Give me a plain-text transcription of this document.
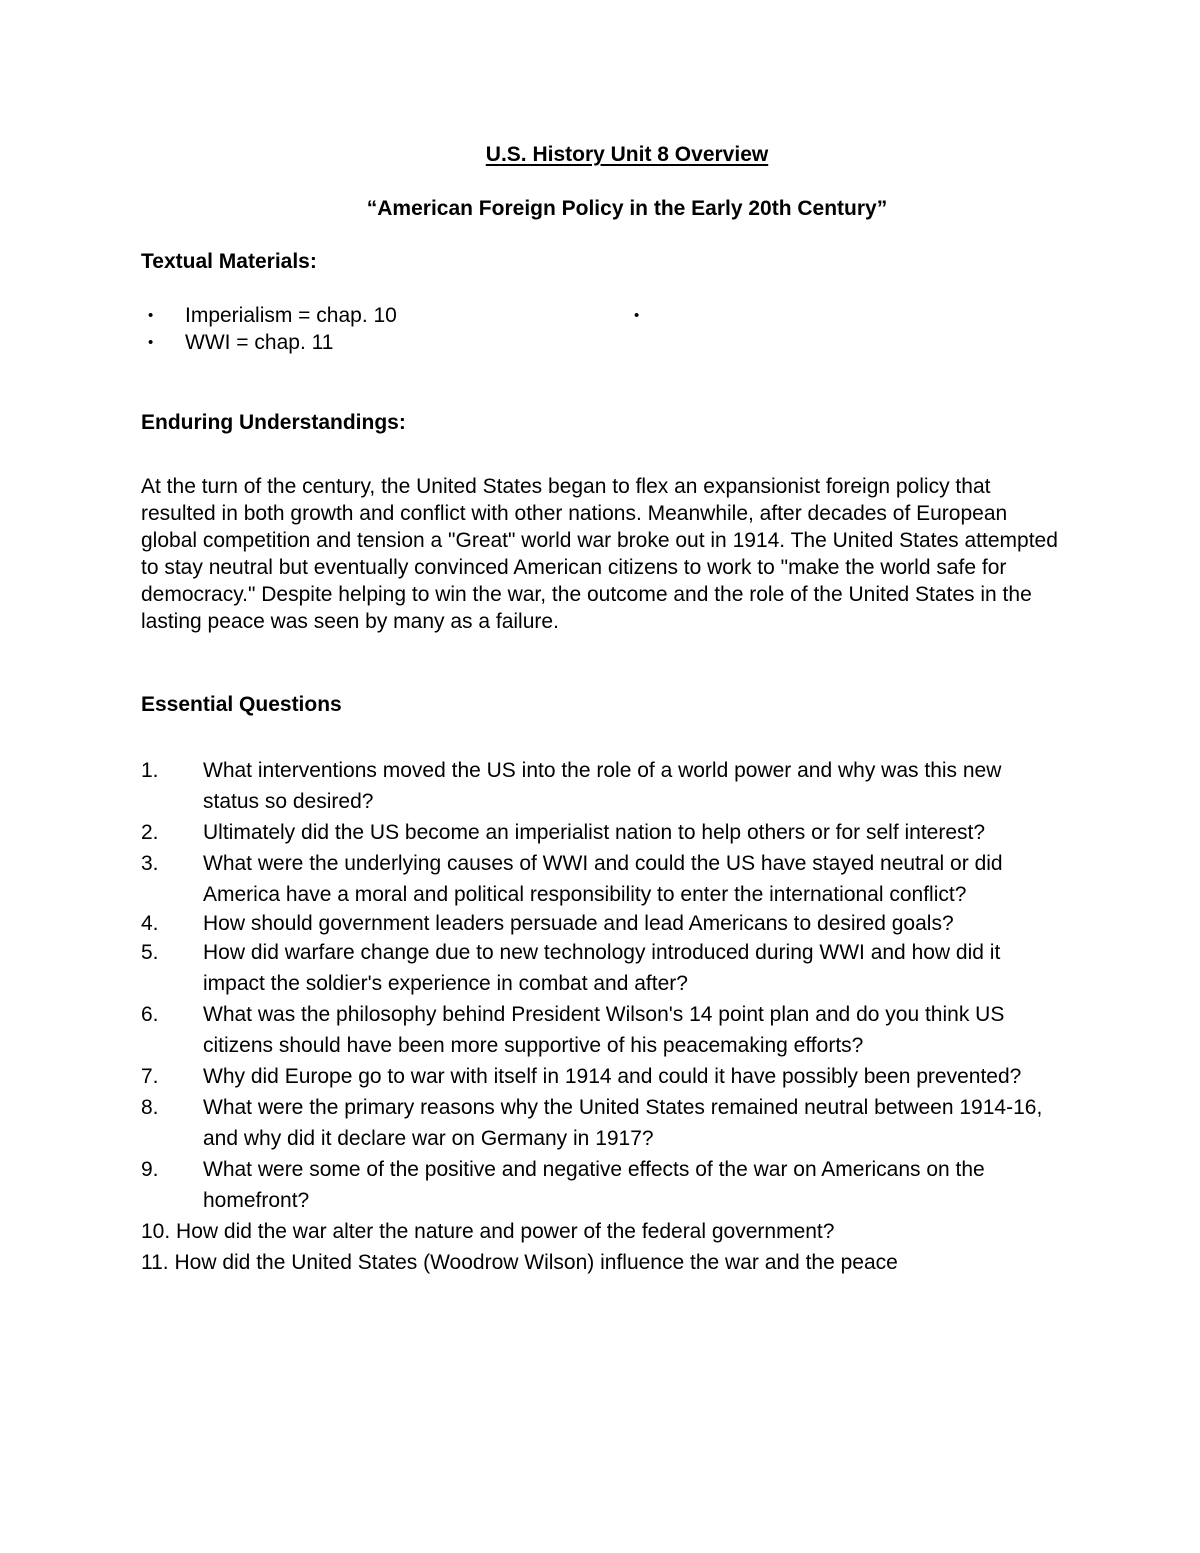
U.S. History Unit 8 Overview
“American Foreign Policy in the Early 20th Century”
Textual Materials:
• Imperialism = chap. 10
• WWI = chap. 11
•
Enduring Understandings:
At the turn of the century, the United States began to flex an expansionist foreign policy that resulted in both growth and conflict with other nations. Meanwhile, after decades of European global competition and tension a "Great" world war broke out in 1914. The United States attempted to stay neutral but eventually convinced American citizens to work to "make the world safe for democracy." Despite helping to win the war, the outcome and the role of the United States in the lasting peace was seen by many as a failure.
Essential Questions
1. What interventions moved the US into the role of a world power and why was this new status so desired?
2. Ultimately did the US become an imperialist nation to help others or for self interest?
3. What were the underlying causes of WWI and could the US have stayed neutral or did America have a moral and political responsibility to enter the international conflict?
4. How should government leaders persuade and lead Americans to desired goals?
5. How did warfare change due to new technology introduced during WWI and how did it impact the soldier's experience in combat and after?
6. What was the philosophy behind President Wilson's 14 point plan and do you think US citizens should have been more supportive of his peacemaking efforts?
7. Why did Europe go to war with itself in 1914 and could it have possibly been prevented?
8. What were the primary reasons why the United States remained neutral between 1914-16, and why did it declare war on Germany in 1917?
9. What were some of the positive and negative effects of the war on Americans on the homefront?
10. How did the war alter the nature and power of the federal government?
11. How did the United States (Woodrow Wilson) influence the war and the peace
